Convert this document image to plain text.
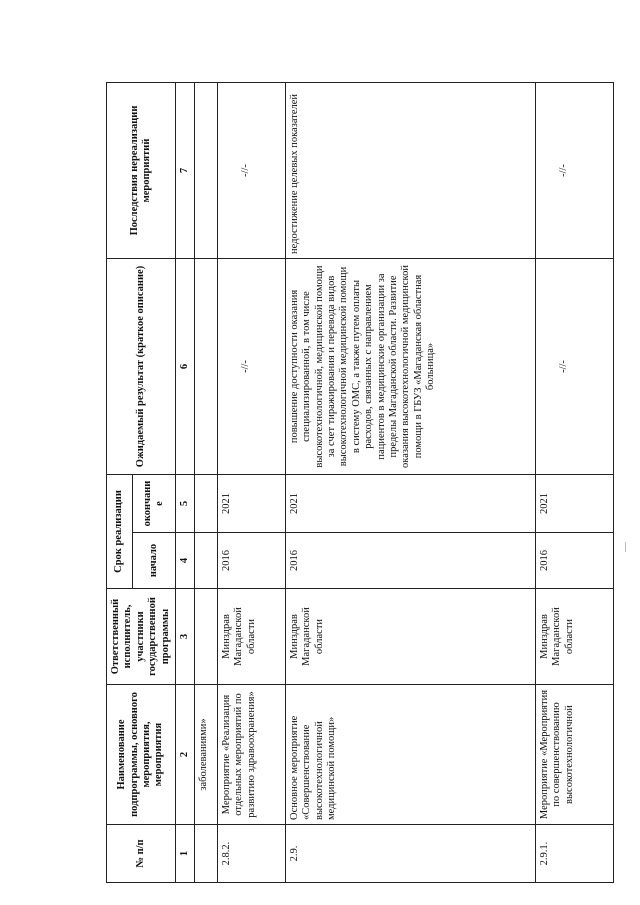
№ п/п	Наименование подпрограммы, основного мероприятия, мероприятия	Ответственный исполнитель, участники государственной программы	Срок реализации		Ожидаемый результат (краткое описание)	Последствия нереализации мероприятий
			начало	окончание		
1	2	3	4	5	6	7
	заболеваниями»					
2.8.2.	Мероприятие «Реализация отдельных мероприятий по развитию здравоохранения»	Минздрав Магаданской области	2016	2021	-//-	-//-
2.9.	Основное мероприятие «Совершенствование высокотехнологичной медицинской помощи»	Минздрав Магаданской области	2016	2021	повышение доступности оказания специализированной, в том числе высокотехнологичной, медицинской помощи за счет тиражирования и перевода видов высокотехнологичной медицинской помощи в систему ОМС, а также путем оплаты расходов, связанных с направлением пациентов в медицинские организации за пределы Магаданской области. Развитие оказания высокотехнологичной медицинской помощи в ГБУЗ «Магаданская областная больница»	недостижение целевых показателей
2.9.1.	Мероприятие «Мероприятия по совершенствованию высокотехнологичной	Минздрав Магаданской области	2016	2021	-//-	-//-
